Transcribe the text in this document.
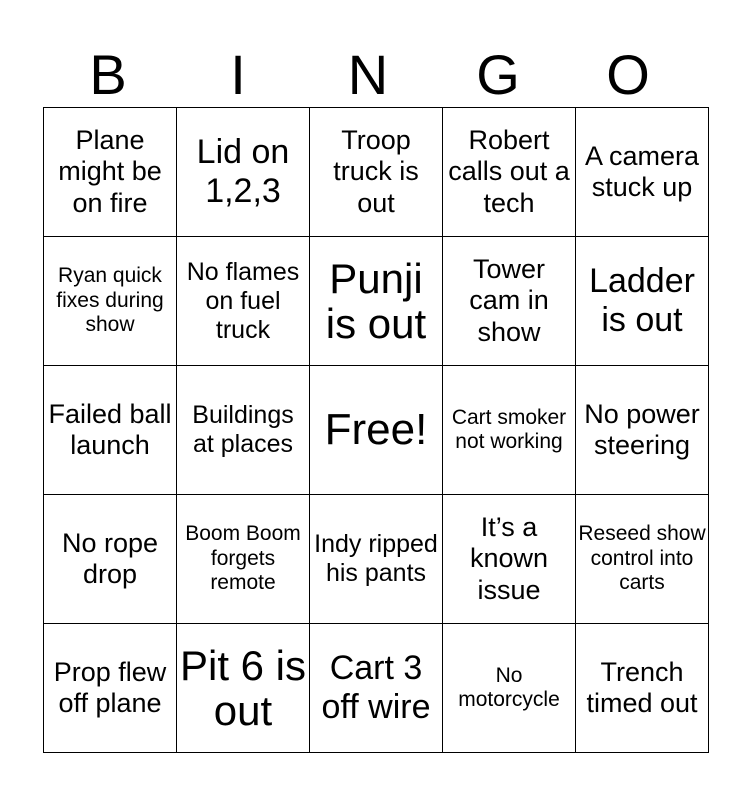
B	I	N	G	O
Plane might be on fire	Lid on 1,2,3	Troop truck is out	Robert calls out a tech	A camera stuck up
Ryan quick fixes during show	No flames on fuel truck	Punji is out	Tower cam in show	Ladder is out
Failed ball launch	Buildings at places	Free!	Cart smoker not working	No power steering
No rope drop	Boom Boom forgets remote	Indy ripped his pants	It’s a known issue	Reseed show control into carts
Prop flew off plane	Pit 6 is out	Cart 3 off wire	No motorcycle	Trench timed out
